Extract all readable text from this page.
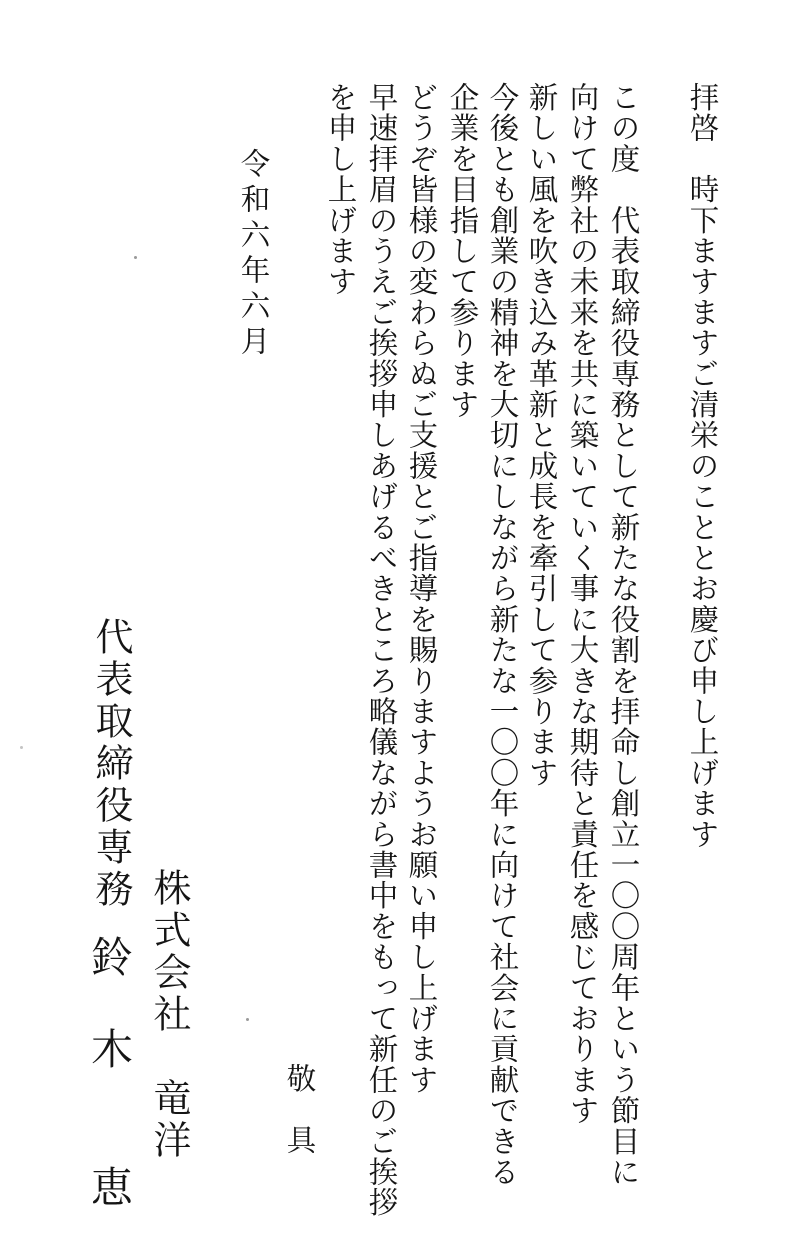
拝啓　時下ますますご清栄のこととお慶び申し上げます
この度　代表取締役専務として新たな役割を拝命し創立一〇〇周年という節目に
向けて弊社の未来を共に築いていく事に大きな期待と責任を感じております
新しい風を吹き込み革新と成長を牽引して参ります
今後とも創業の精神を大切にしながら新たな一〇〇年に向けて社会に貢献できる
企業を目指して参ります
どうぞ皆様の変わらぬご支援とご指導を賜りますようお願い申し上げます
早速拝眉のうえご挨拶申しあげるべきところ略儀ながら書中をもって新任のご挨拶
を申し上げます
敬　具
令和六年六月
株式会社　竜洋
代表取締役専務
鈴　木　　恵
